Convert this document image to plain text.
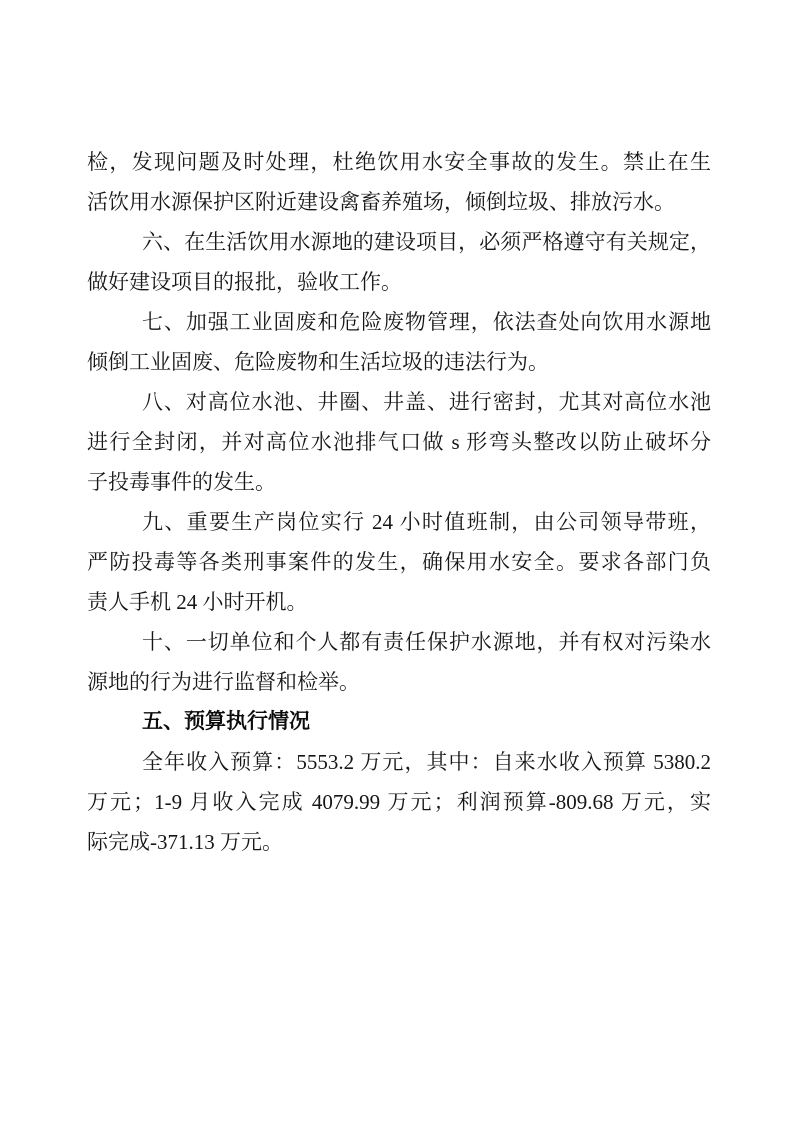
检，发现问题及时处理，杜绝饮用水安全事故的发生。禁止在生
活饮用水源保护区附近建设禽畜养殖场，倾倒垃圾、排放污水。
六、在生活饮用水源地的建设项目，必须严格遵守有关规定，
做好建设项目的报批，验收工作。
七、加强工业固废和危险废物管理，依法查处向饮用水源地
倾倒工业固废、危险废物和生活垃圾的违法行为。
八、对高位水池、井圈、井盖、进行密封，尤其对高位水池
进行全封闭，并对高位水池排气口做 s 形弯头整改以防止破坏分
子投毒事件的发生。
九、重要生产岗位实行 24 小时值班制，由公司领导带班，
严防投毒等各类刑事案件的发生，确保用水安全。要求各部门负
责人手机 24 小时开机。
十、一切单位和个人都有责任保护水源地，并有权对污染水
源地的行为进行监督和检举。
五、预算执行情况
全年收入预算：5553.2 万元，其中：自来水收入预算 5380.2
万元；1-9 月收入完成 4079.99 万元；利润预算-809.68 万元，实
际完成-371.13 万元。
